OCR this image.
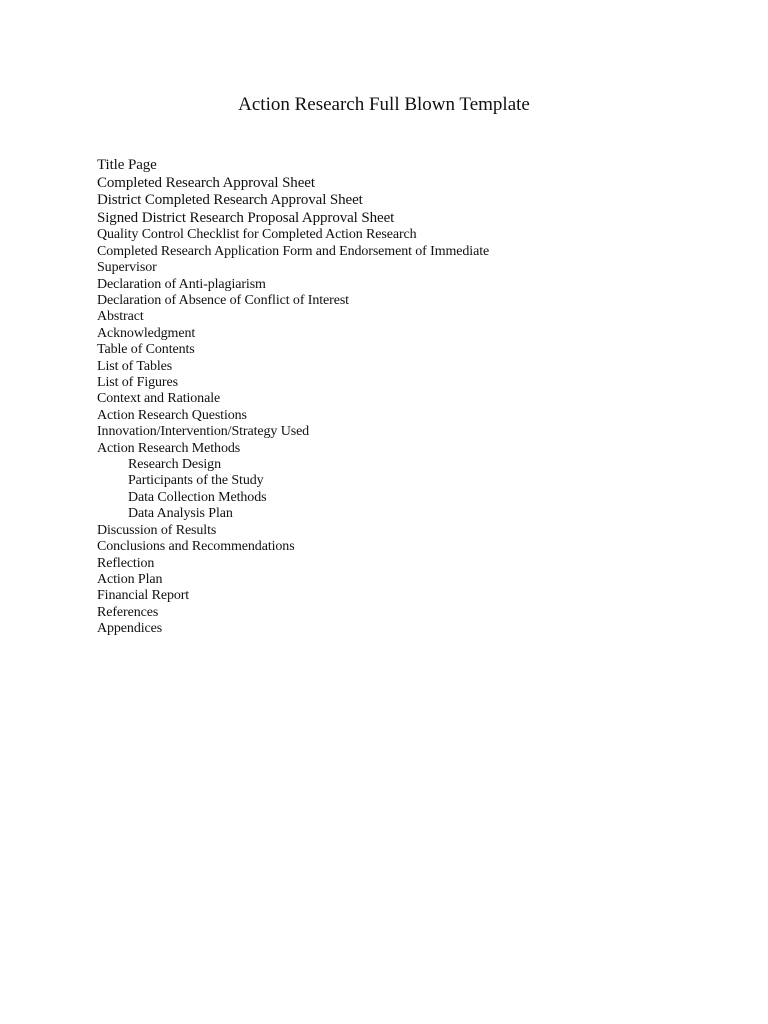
Action Research Full Blown Template
Title Page
Completed Research Approval Sheet
District Completed Research Approval Sheet
Signed District Research Proposal Approval Sheet
Quality Control Checklist for Completed Action Research
Completed Research Application Form and Endorsement of Immediate
Supervisor
Declaration of Anti-plagiarism
Declaration of Absence of Conflict of Interest
Abstract
Acknowledgment
Table of Contents
List of Tables
List of Figures
Context and Rationale
Action Research Questions
Innovation/Intervention/Strategy Used
Action Research Methods
Research Design
Participants of the Study
Data Collection Methods
Data Analysis Plan
Discussion of Results
Conclusions and Recommendations
Reflection
Action Plan
Financial Report
References
Appendices
